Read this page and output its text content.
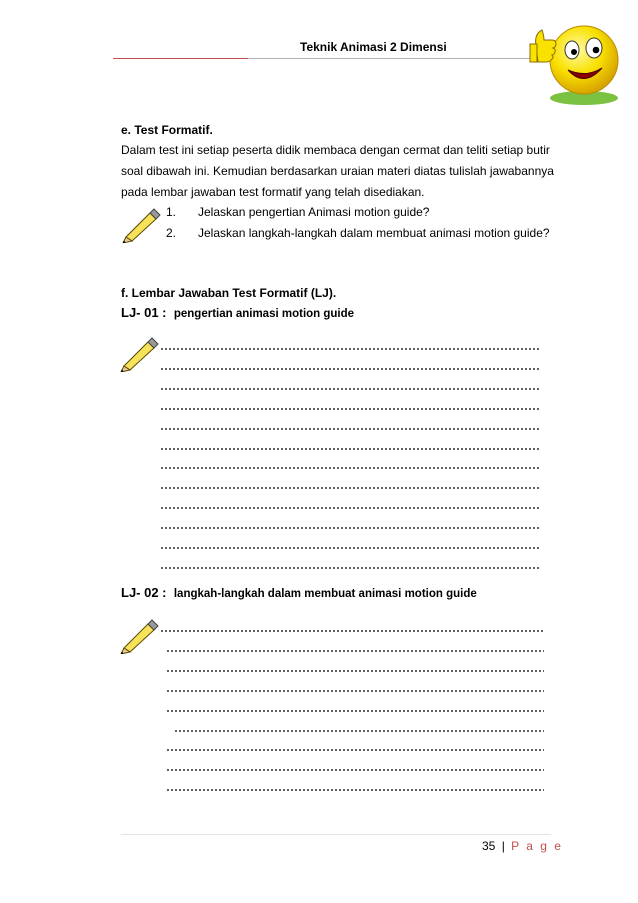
Teknik Animasi 2 Dimensi
e. Test Formatif.
Dalam test ini setiap peserta didik membaca dengan cermat dan teliti setiap butir
soal dibawah ini. Kemudian berdasarkan uraian materi diatas tulislah jawabannya
pada lembar jawaban test formatif yang telah disediakan.
1. Jelaskan pengertian Animasi motion guide?
2. Jelaskan langkah-langkah dalam membuat animasi motion guide?
f. Lembar Jawaban Test Formatif (LJ).
LJ- 01 : pengertian animasi motion guide
LJ- 02 : langkah-langkah dalam membuat animasi motion guide
35 | P a g e
